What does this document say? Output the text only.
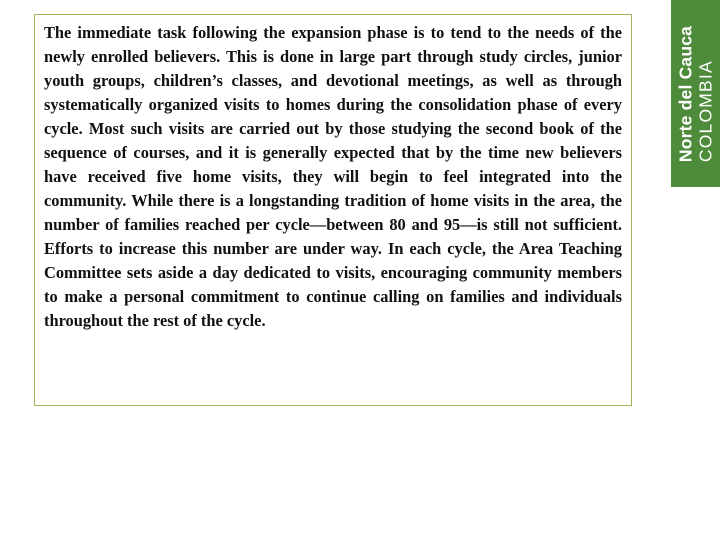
The immediate task following the expansion phase is to tend to the needs of the newly enrolled believers. This is done in large part through study circles, junior youth groups, children’s classes, and devotional meetings, as well as through systematically organized visits to homes during the consolidation phase of every cycle. Most such visits are carried out by those studying the second book of the sequence of courses, and it is generally expected that by the time new believers have received five home visits, they will begin to feel integrated into the community. While there is a longstanding tradition of home visits in the area, the number of families reached per cycle—between 80 and 95—is still not sufficient. Efforts to increase this number are under way. In each cycle, the Area Teaching Committee sets aside a day dedicated to visits, encouraging community members to make a personal commitment to continue calling on families and individuals throughout the rest of the cycle.

Norte del Cauca COLOMBIA
